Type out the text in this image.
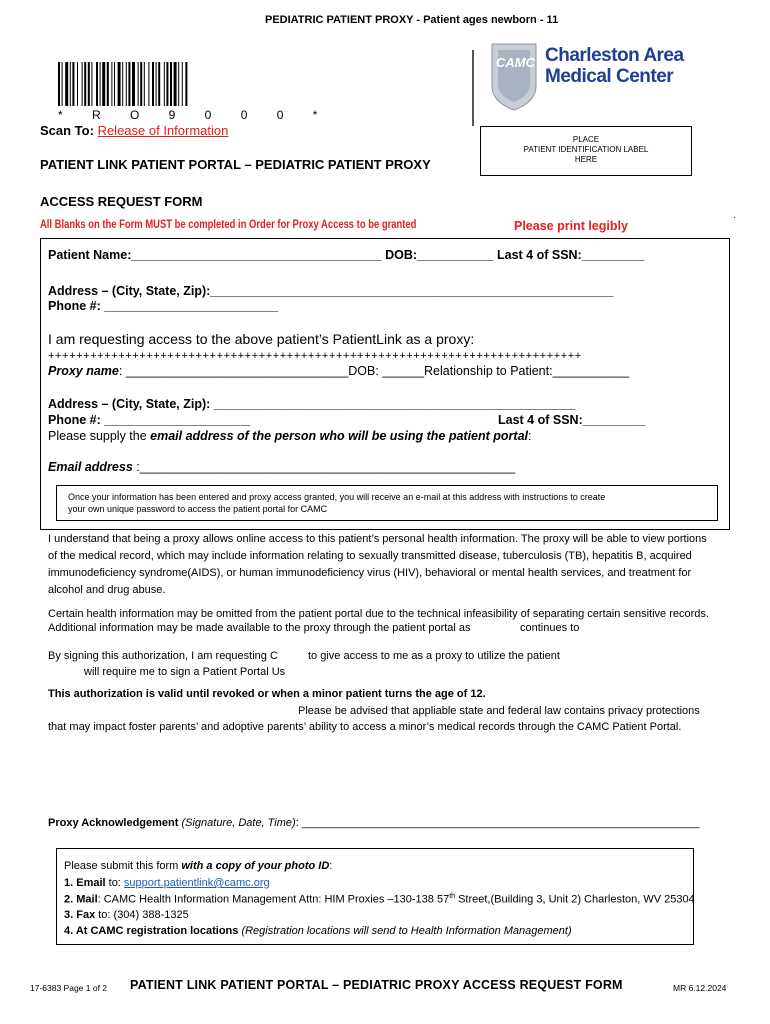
PEDIATRIC PATIENT PROXY - Patient ages newborn - 11
* R O 9 0 0 0 *
CAMC Charleston Area
Medical Center
Scan To: Release of Information
PLACE
PATIENT IDENTIFICATION LABEL
HERE
PATIENT LINK PATIENT PORTAL – PEDIATRIC PATIENT PROXY
ACCESS REQUEST FORM
All Blanks on the Form MUST be completed in Order for Proxy Access to be granted	Please print legibly
.
Patient Name:____________________________________ DOB:___________ Last 4 of SSN:_________
Address – (City, State, Zip):__________________________________________________________
Phone #: _________________________
I am requesting access to the above patient’s PatientLink as a proxy:
++++++++++++++++++++++++++++++++++++++++++++++++++++++++++++++++++++++++++++
Proxy name: ________________________________DOB: ______Relationship to Patient:___________
Address – (City, State, Zip): ____________________________________________________
Phone #: _____________________	Last 4 of SSN:_________
Please supply the email address of the person who will be using the patient portal:
Email address :______________________________________________________
Once your information has been entered and proxy access granted, you will receive an e-mail at this address with instructions to create
your own unique password to access the patient portal for CAMC
I understand that being a proxy allows online access to this patient’s personal health information. The proxy will be able to view portions
of the medical record, which may include information relating to sexually transmitted disease, tuberculosis (TB), hepatitis B, acquired
immunodeficiency syndrome(AIDS), or human immunodeficiency virus (HIV), behavioral or mental health services, and treatment for
alcohol and drug abuse.
Certain health information may be omitted from the patient portal due to the technical infeasibility of separating certain sensitive records.
Additional information may be made available to the proxy through the patient portal as	continues to
By signing this authorization, I am requesting C	to give access to me as a proxy to utilize the patient
will require me to sign a Patient Portal Us
This authorization is valid until revoked or when a minor patient turns the age of 12.
Please be advised that appliable state and federal law contains privacy protections
that may impact foster parents’ and adoptive parents’ ability to access a minor’s medical records through the CAMC Patient Portal.
Proxy Acknowledgement (Signature, Date, Time): _________________________________________________________________
Please submit this form with a copy of your photo ID:
1. Email to: support.patientlink@camc.org
2. Mail: CAMC Health Information Management Attn: HIM Proxies –130-138 57th Street,(Building 3, Unit 2) Charleston, WV 25304
3. Fax to: (304) 388-1325
4. At CAMC registration locations (Registration locations will send to Health Information Management)
17-6383 Page 1 of 2 PATIENT LINK PATIENT PORTAL – PEDIATRIC PROXY ACCESS REQUEST FORM	MR 6.12.2024
